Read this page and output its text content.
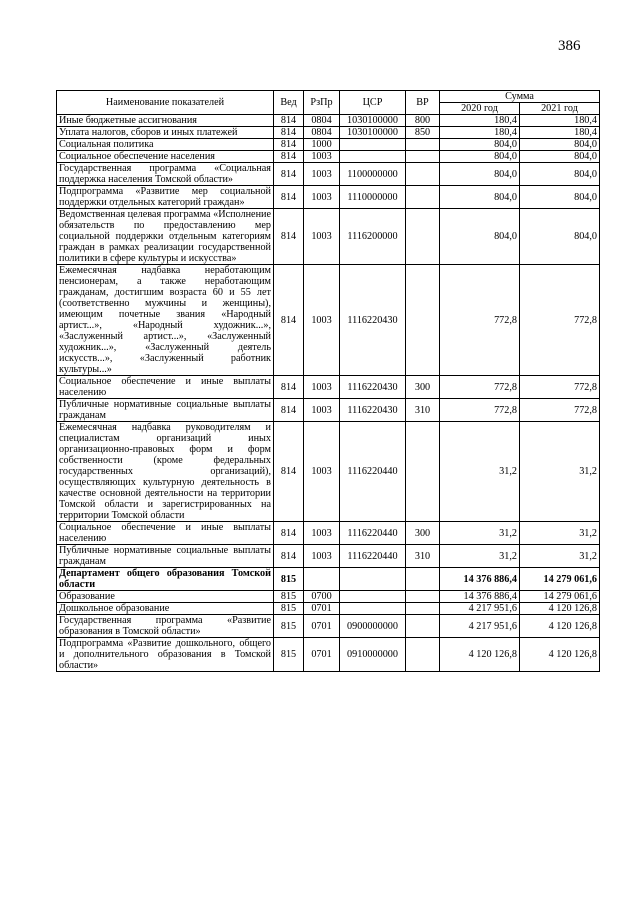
386
Наименование показателей	Вед	РзПр	ЦСР	ВР	Сумма	
					2020 год	2021 год
Иные бюджетные ассигнования	814	0804	1030100000	800	180,4	180,4
Уплата налогов, сборов и иных платежей	814	0804	1030100000	850	180,4	180,4
Социальная политика	814	1000			804,0	804,0
Социальное обеспечение населения	814	1003			804,0	804,0
Государственная программа «Социальная поддержка населения Томской области»	814	1003	1100000000		804,0	804,0
Подпрограмма «Развитие мер социальной поддержки отдельных категорий граждан»	814	1003	1110000000		804,0	804,0
Ведомственная целевая программа «Исполнение обязательств по предоставлению мер социальной поддержки отдельным категориям граждан в рамках реализации государственной политики в сфере культуры и искусства»	814	1003	1116200000		804,0	804,0
Ежемесячная надбавка неработающим пенсионерам, а также неработающим гражданам, достигшим возраста 60 и 55 лет (соответственно мужчины и женщины), имеющим почетные звания «Народный артист...», «Народный художник...», «Заслуженный артист...», «Заслуженный художник...», «Заслуженный деятель искусств...», «Заслуженный работник культуры...»	814	1003	1116220430		772,8	772,8
Социальное обеспечение и иные выплаты населению	814	1003	1116220430	300	772,8	772,8
Публичные нормативные социальные выплаты гражданам	814	1003	1116220430	310	772,8	772,8
Ежемесячная надбавка руководителям и специалистам организаций иных организационно-правовых форм и форм собственности (кроме федеральных государственных организаций), осуществляющих культурную деятельность в качестве основной деятельности на территории Томской области и зарегистрированных на территории Томской области	814	1003	1116220440		31,2	31,2
Социальное обеспечение и иные выплаты населению	814	1003	1116220440	300	31,2	31,2
Публичные нормативные социальные выплаты гражданам	814	1003	1116220440	310	31,2	31,2
Департамент общего образования Томской области	815				14 376 886,4	14 279 061,6
Образование	815	0700			14 376 886,4	14 279 061,6
Дошкольное образование	815	0701			4 217 951,6	4 120 126,8
Государственная программа «Развитие образования в Томской области»	815	0701	0900000000		4 217 951,6	4 120 126,8
Подпрограмма «Развитие дошкольного, общего и дополнительного образования в Томской области»	815	0701	0910000000		4 120 126,8	4 120 126,8
